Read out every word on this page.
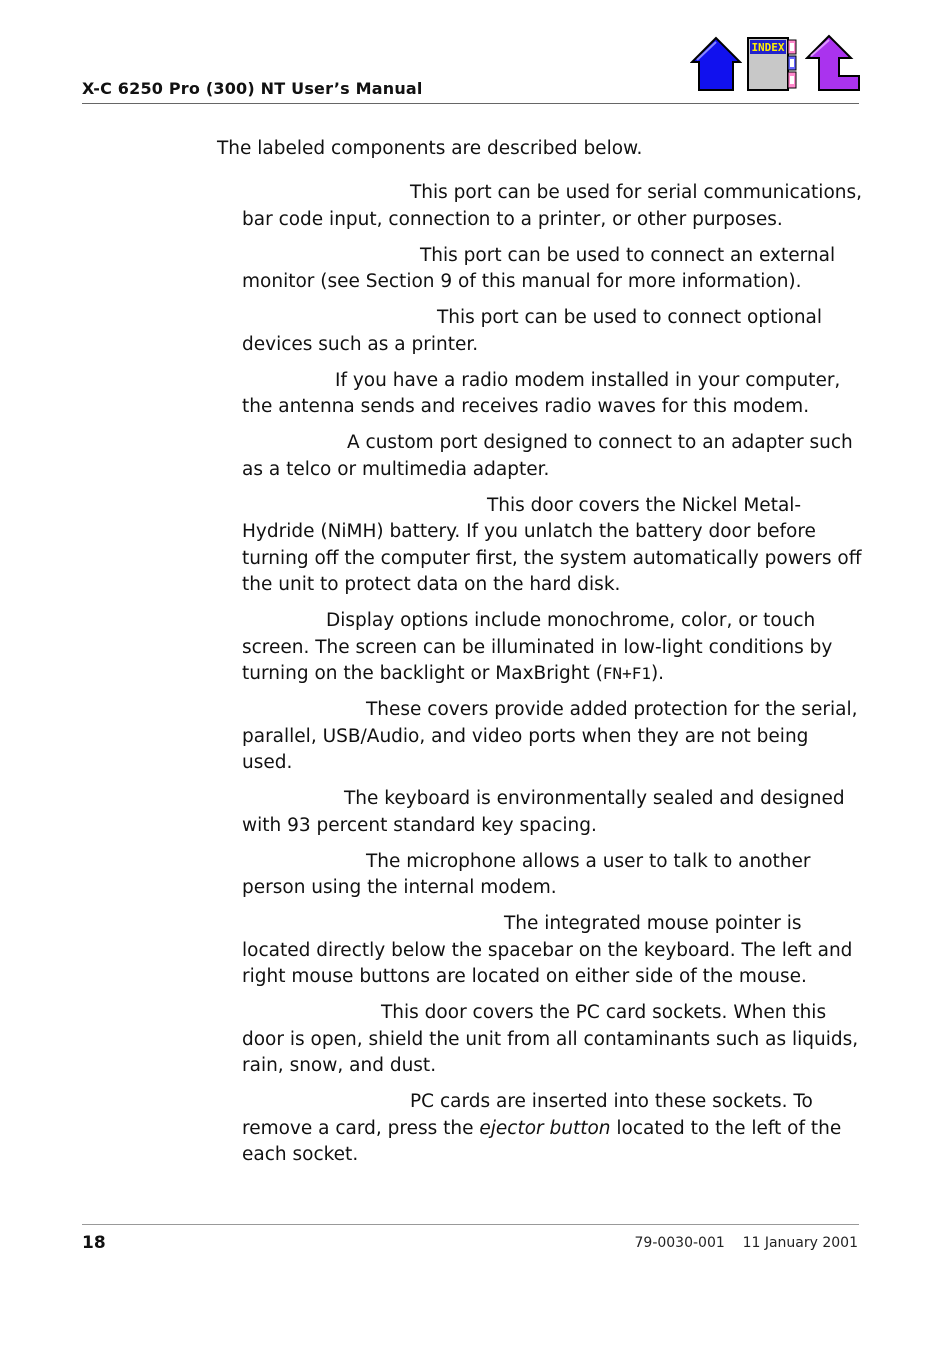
X-C 6250 Pro (300) NT User’s Manual
INDEX
The labeled components are described below.

This port can be used for serial communications, bar code input, connection to a printer, or other purposes.

This port can be used to connect an external monitor (see Section 9 of this manual for more information).

This port can be used to connect optional devices such as a printer.

If you have a radio modem installed in your computer, the antenna sends and receives radio waves for this modem.

A custom port designed to connect to an adapter such as a telco or multimedia adapter.

This door covers the Nickel Metal-Hydride (NiMH) battery. If you unlatch the battery door before turning off the computer first, the system automatically powers off the unit to protect data on the hard disk.

Display options include monochrome, color, or touch screen. The screen can be illuminated in low-light conditions by turning on the backlight or MaxBright (FN+F1).

These covers provide added protection for the serial, parallel, USB/Audio, and video ports when they are not being used.

The keyboard is environmentally sealed and designed with 93 percent standard key spacing.

The microphone allows a user to talk to another person using the internal modem.

The integrated mouse pointer is located directly below the spacebar on the keyboard. The left and right mouse buttons are located on either side of the mouse.

This door covers the PC card sockets. When this door is open, shield the unit from all contaminants such as liquids, rain, snow, and dust.

PC cards are inserted into these sockets. To remove a card, press the ejector button located to the left of the each socket.

18	79-0030-001    11 January 2001
